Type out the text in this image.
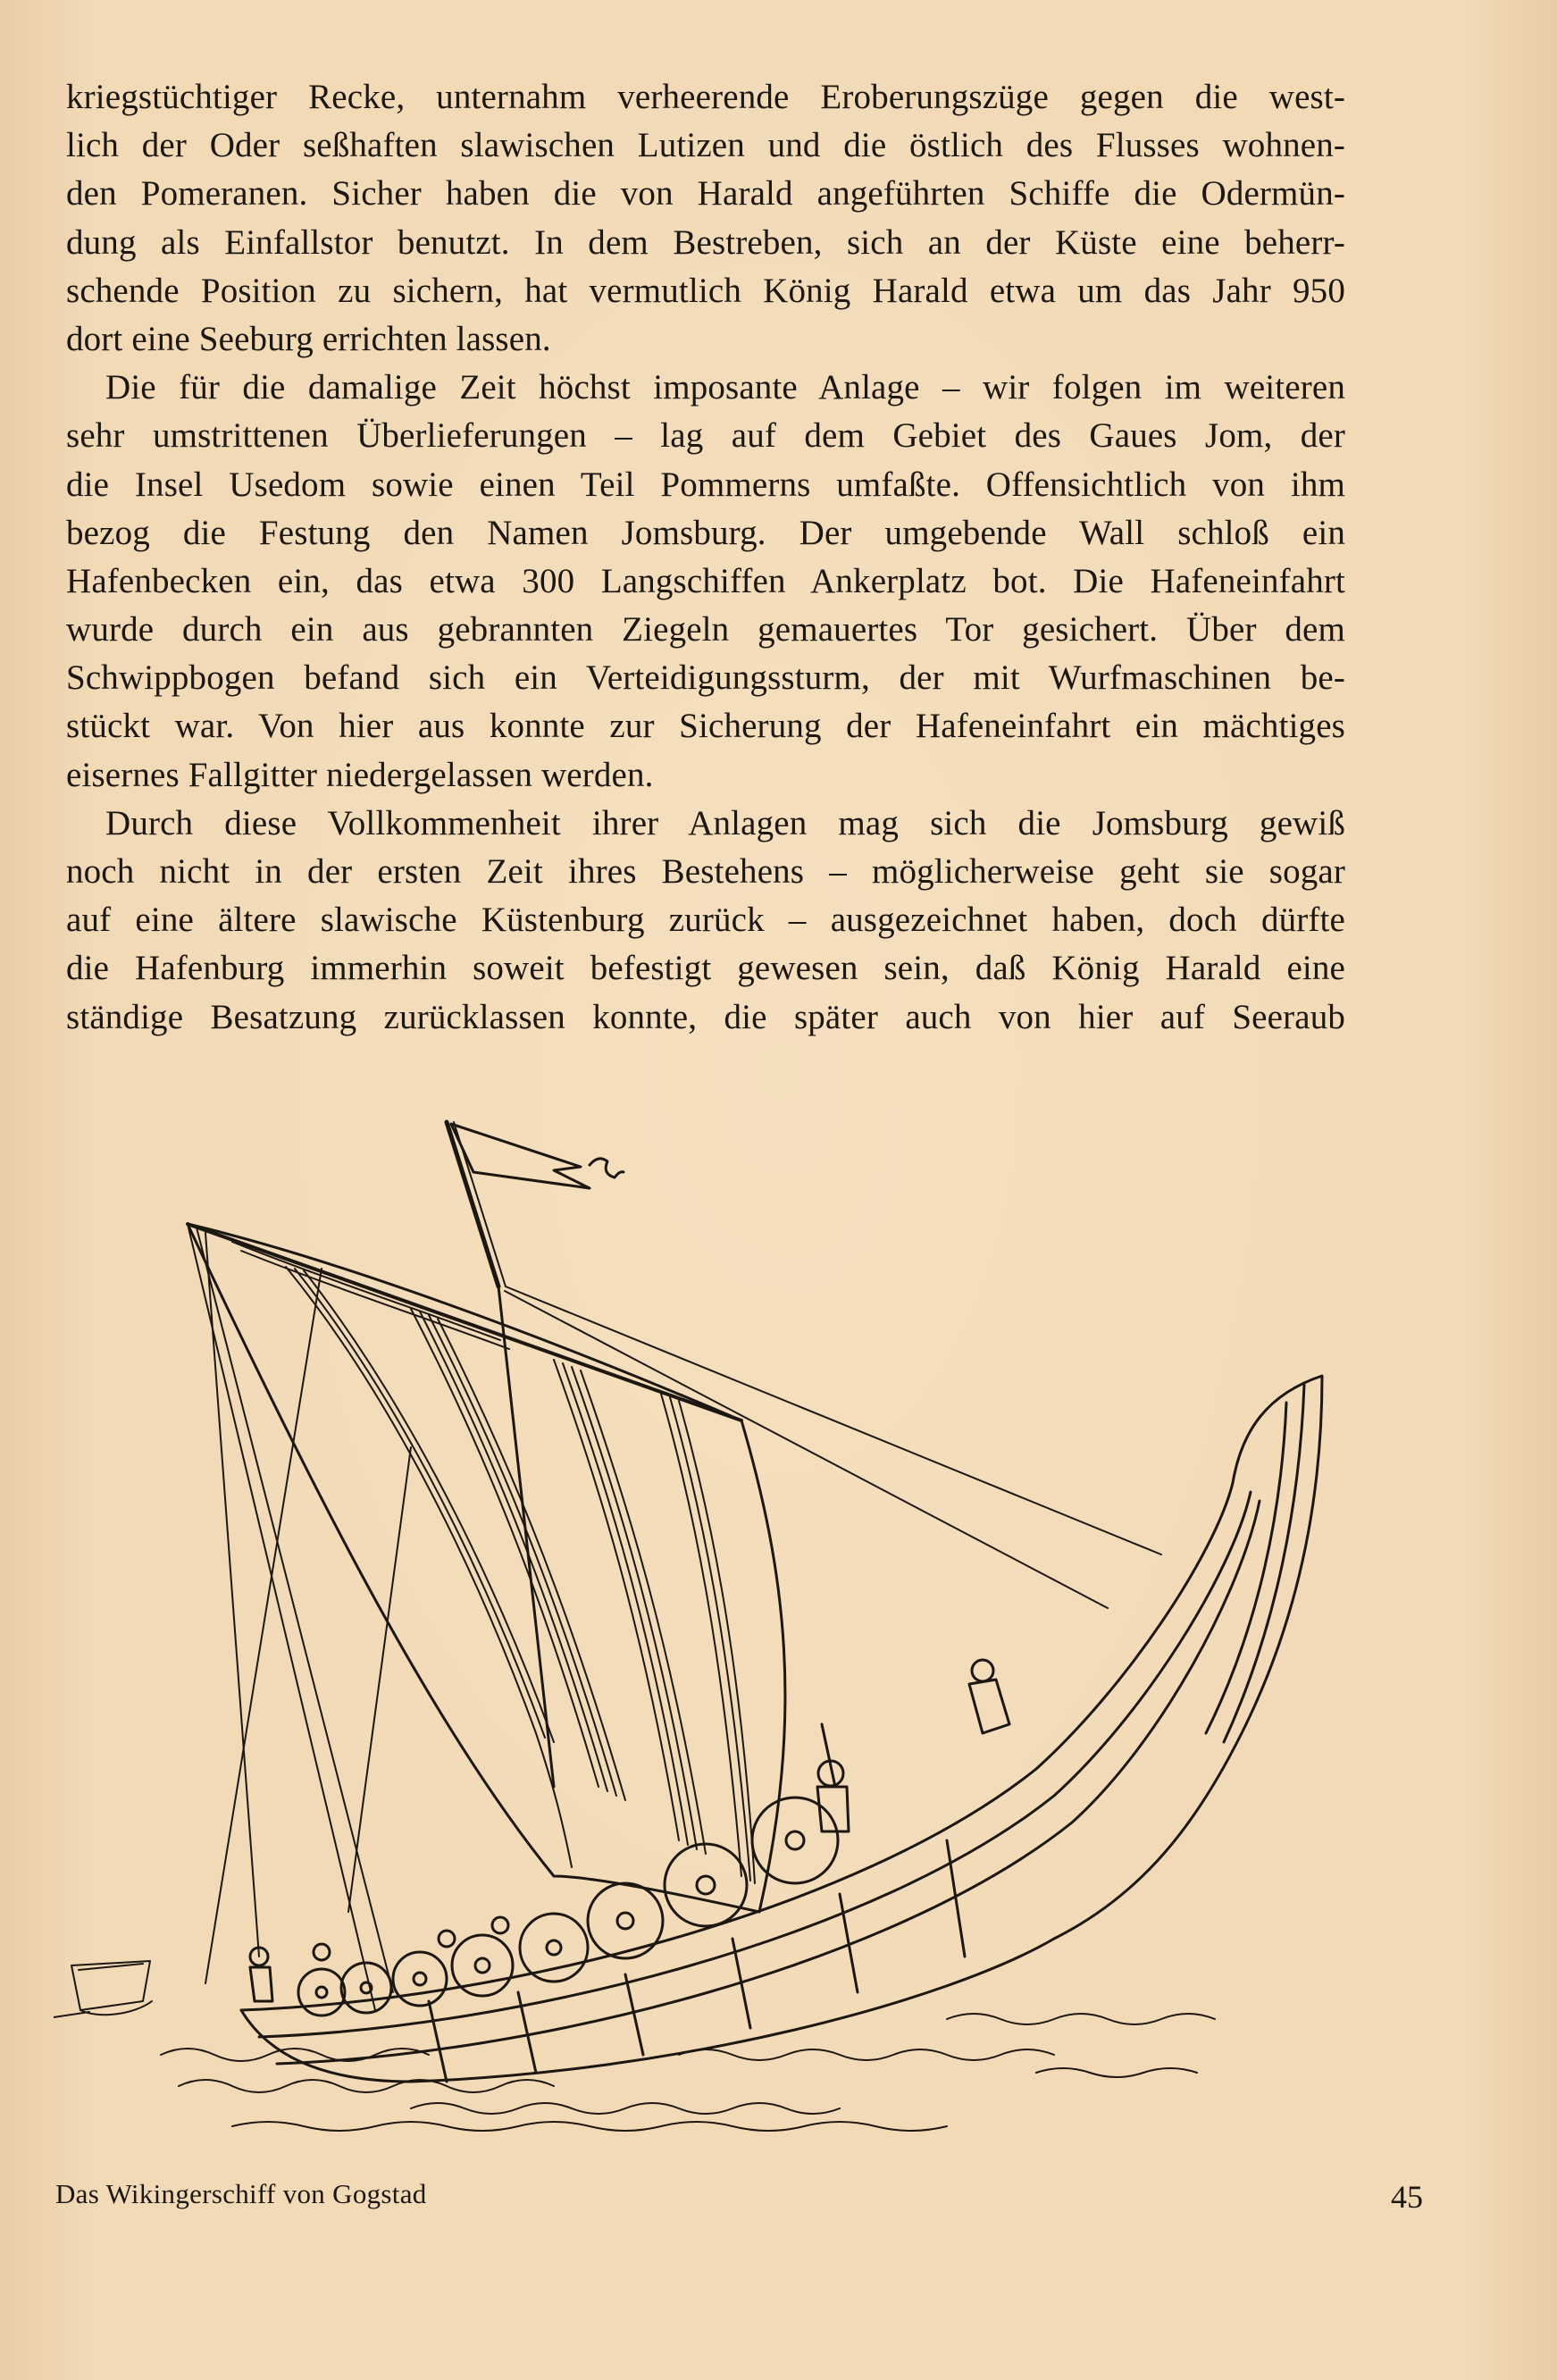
kriegstüchtiger Recke, unternahm verheerende Eroberungszüge gegen die west-
lich der Oder seßhaften slawischen Lutizen und die östlich des Flusses wohnen-
den Pomeranen. Sicher haben die von Harald angeführten Schiffe die Odermün-
dung als Einfallstor benutzt. In dem Bestreben, sich an der Küste eine beherr-
schende Position zu sichern, hat vermutlich König Harald etwa um das Jahr 950
dort eine Seeburg errichten lassen.
Die für die damalige Zeit höchst imposante Anlage – wir folgen im weiteren
sehr umstrittenen Überlieferungen – lag auf dem Gebiet des Gaues Jom, der
die Insel Usedom sowie einen Teil Pommerns umfaßte. Offensichtlich von ihm
bezog die Festung den Namen Jomsburg. Der umgebende Wall schloß ein
Hafenbecken ein, das etwa 300 Langschiffen Ankerplatz bot. Die Hafeneinfahrt
wurde durch ein aus gebrannten Ziegeln gemauertes Tor gesichert. Über dem
Schwippbogen befand sich ein Verteidigungssturm, der mit Wurfmaschinen be-
stückt war. Von hier aus konnte zur Sicherung der Hafeneinfahrt ein mächtiges
eisernes Fallgitter niedergelassen werden.
Durch diese Vollkommenheit ihrer Anlagen mag sich die Jomsburg gewiß
noch nicht in der ersten Zeit ihres Bestehens – möglicherweise geht sie sogar
auf eine ältere slawische Küstenburg zurück – ausgezeichnet haben, doch dürfte
die Hafenburg immerhin soweit befestigt gewesen sein, daß König Harald eine
ständige Besatzung zurücklassen konnte, die später auch von hier auf Seeraub
Das Wikingerschiff von Gogstad	45
